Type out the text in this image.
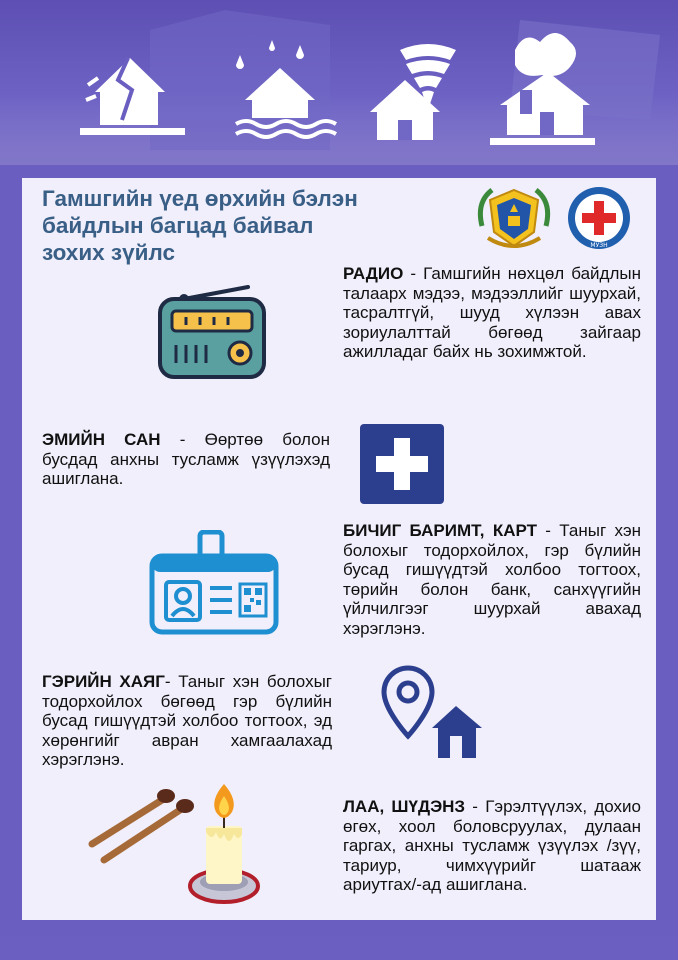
Гамшгийн үед өрхийн бэлэн
байдлын багцад байвал
зохих зүйлс	МУЗН
РАДИО - Гамшгийн нөхцөл байдлын талаарх мэдээ, мэдээллийг шуурхай, тасралтгүй, шууд хүлээн авах зориулалттай бөгөөд зайгаар ажилладаг байх нь зохимжтой.
ЭМИЙН САН - Өөртөө болон бусдад анхны тусламж үзүүлэхэд ашиглана.
БИЧИГ БАРИМТ, КАРТ - Таныг хэн болохыг тодорхойлох, гэр бүлийн бусад гишүүдтэй холбоо тогтоох, төрийн болон банк, санхүүгийн үйлчилгээг шуурхай авахад хэрэглэнэ.
ГЭРИЙН ХАЯГ- Таныг хэн болохыг тодорхойлох бөгөөд гэр бүлийн бусад гишүүдтэй холбоо тогтоох, эд хөрөнгийг авран хамгаалахад хэрэглэнэ.
ЛАА, ШҮДЭНЗ - Гэрэлтүүлэх, дохио өгөх, хоол боловсруулах, дулаан гаргах, анхны тусламж үзүүлэх /зүү, тариур, чимхүүрийг шатааж ариутгах/-ад ашиглана.
